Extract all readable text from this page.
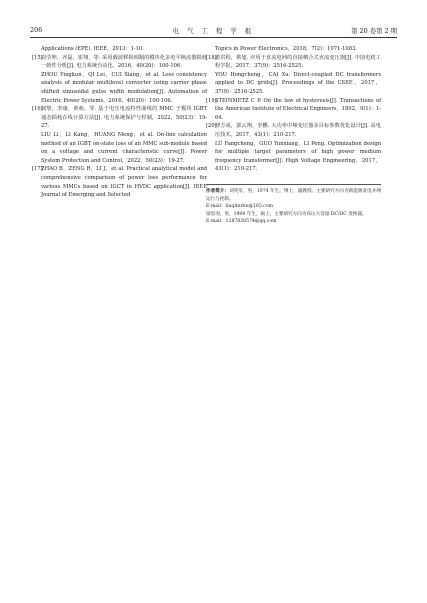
206	电 气 工 程 学 报	第 20 卷第 2 期
Applications (EPE). IEEE，2013：1-10.
[15]
周莹坤，齐磊，崔翔，等. 采用载波移相调制的模块化多电平换流器损耗一致性分析[J]. 电力系统自动化，2016，40(20)：100-106.
ZHOU Yingkun，QI Lei，CUI Xiang，et al. Loss consistency analysis of modular multilevel converter using carrier phase shifted sinusoidal pulse width modulation[J]. Automation of Electric Power Systems，2016，40(20)：100-106.
[16]
刘黎，李康，黄萌，等. 基于电压电流特性曲线的 MMC 子模块 IGBT 通态损耗在线计算方法[J]. 电力系统保护与控制，2022，50(23)：19-27.
LIU Li，LI Kang，HUANG Meng，et al. On-line calculation method of an IGBT on-state loss of an MMC sub-module based on a voltage and current characteristic curve[J]. Power System Protection and Control，2022，50(23)：19-27.
[17]
ZHAO B，ZENG R，LI J，et al. Practical analytical model and comprehensive comparison of power loss performance for various MMCs based on IGCT in HVDC application[J]. IEEE Journal of Emerging and Selected
Topics in Power Electronics，2018，7(2)：1071-1083.
[18]
游洪程，蔡旭. 应用于直流电网的直接耦合式直流变压器[J]. 中国电机工程学报，2017，37(9)：2516-2525.
YOU Hongcheng，CAI Xu. Direct-coupled DC transformers applied to DC grids[J]. Proceedings of the CSEE，2017，37(9)：2516-2525.
[19]
STEINMETZ C P. On the law of hysteresis[J]. Transactions of the American Institute of Electrical Engineers，1892，9(1)：1-64.
[20]
律方成，郭云翔，李鹏. 大功率中频变压器多目标参数优化设计[J]. 高电压技术，2017，43(1)：210-217.
LÜ Fangcheng，GUO Yunxiang，LI Peng. Optimization design for multiple target parameters of high power medium frequency transformer[J]. High Voltage Engineering，2017，43(1)：210-217.
作者简介：刘英军，男，1974 年生，博士，副教授。主要研究方向为新能源发电并网运行与控制。
E-mail：liuqlinzhe@163.com
梁恩羽，男，1998 年生，硕士。主要研究方向为高压大容量 DC/DC 变换器。
E-mail：1287820574@qq.com
